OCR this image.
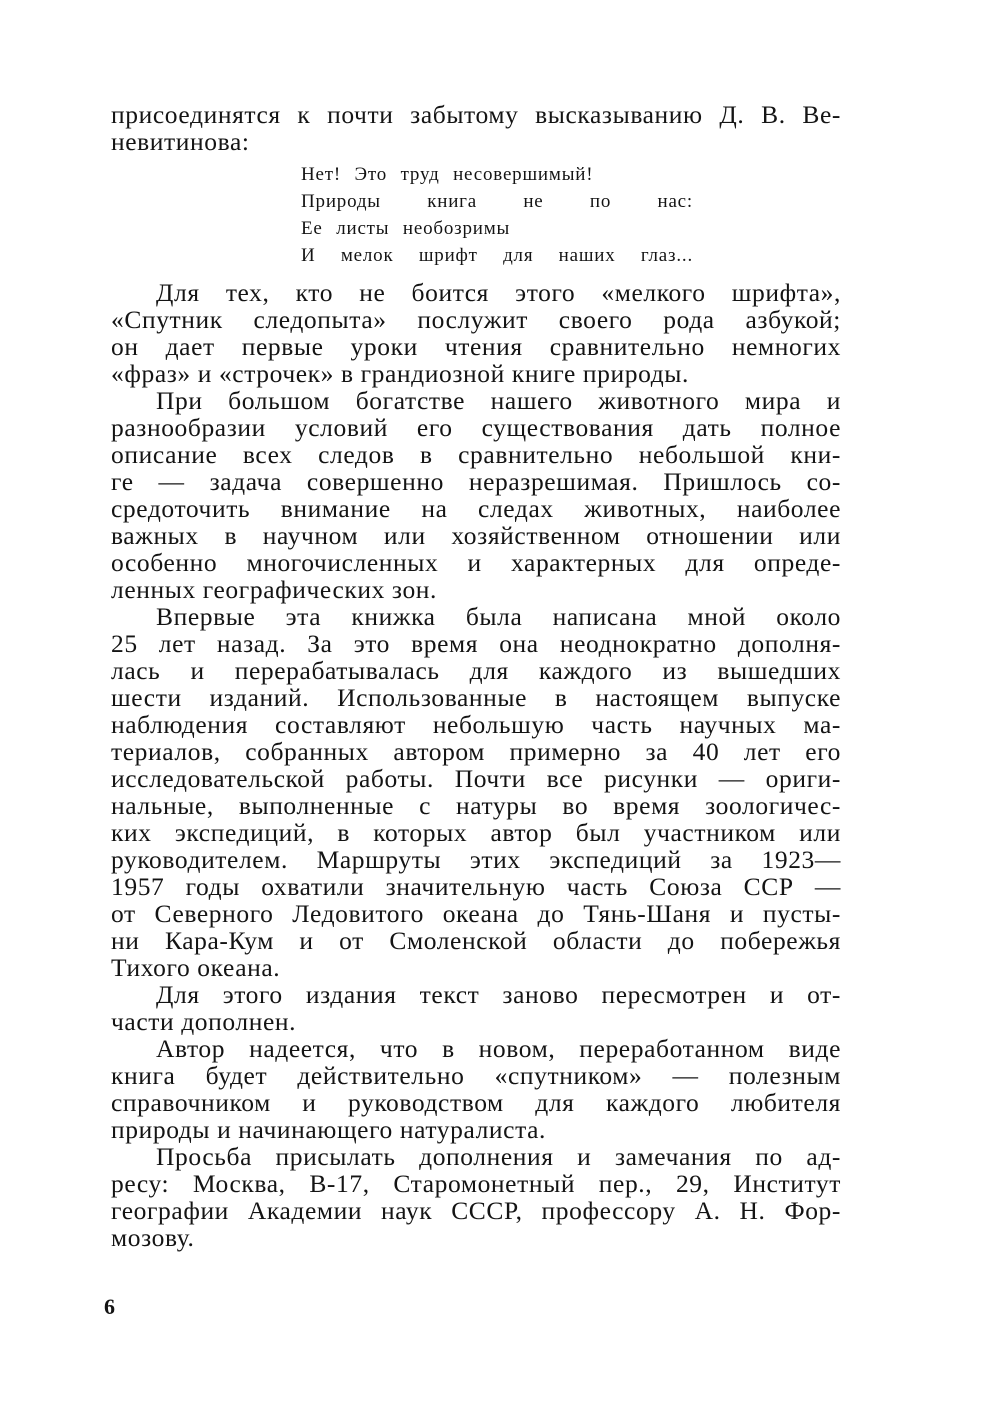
присоединятся к почти забытому высказыванию Д. В. Ве-
невитинова:
Нет! Это труд несовершимый!
Природы книга не по нас:
Ее листы необозримы
И мелок шрифт для наших глаз...
Для тех, кто не боится этого «мелкого шрифта»,
«Спутник следопыта» послужит своего рода азбукой;
он дает первые уроки чтения сравнительно немногих
«фраз» и «строчек» в грандиозной книге природы.
При большом богатстве нашего животного мира и
разнообразии условий его существования дать полное
описание всех следов в сравнительно небольшой кни-
ге — задача совершенно неразрешимая. Пришлось со-
средоточить внимание на следах животных, наиболее
важных в научном или хозяйственном отношении или
особенно многочисленных и характерных для опреде-
ленных географических зон.
Впервые эта книжка была написана мной около
25 лет назад. За это время она неоднократно дополня-
лась и перерабатывалась для каждого из вышедших
шести изданий. Использованные в настоящем выпуске
наблюдения составляют небольшую часть научных ма-
териалов, собранных автором примерно за 40 лет его
исследовательской работы. Почти все рисунки — ориги-
нальные, выполненные с натуры во время зоологичес-
ких экспедиций, в которых автор был участником или
руководителем. Маршруты этих экспедиций за 1923—
1957 годы охватили значительную часть Союза ССР —
от Северного Ледовитого океана до Тянь-Шаня и пусты-
ни Кара-Кум и от Смоленской области до побережья
Тихого океана.
Для этого издания текст заново пересмотрен и от-
части дополнен.
Автор надеется, что в новом, переработанном виде
книга будет действительно «спутником» — полезным
справочником и руководством для каждого любителя
природы и начинающего натуралиста.
Просьба присылать дополнения и замечания по ад-
ресу: Москва, В-17, Старомонетный пер., 29, Институт
географии Академии наук СССР, профессору А. Н. Фор-
мозову.
6
